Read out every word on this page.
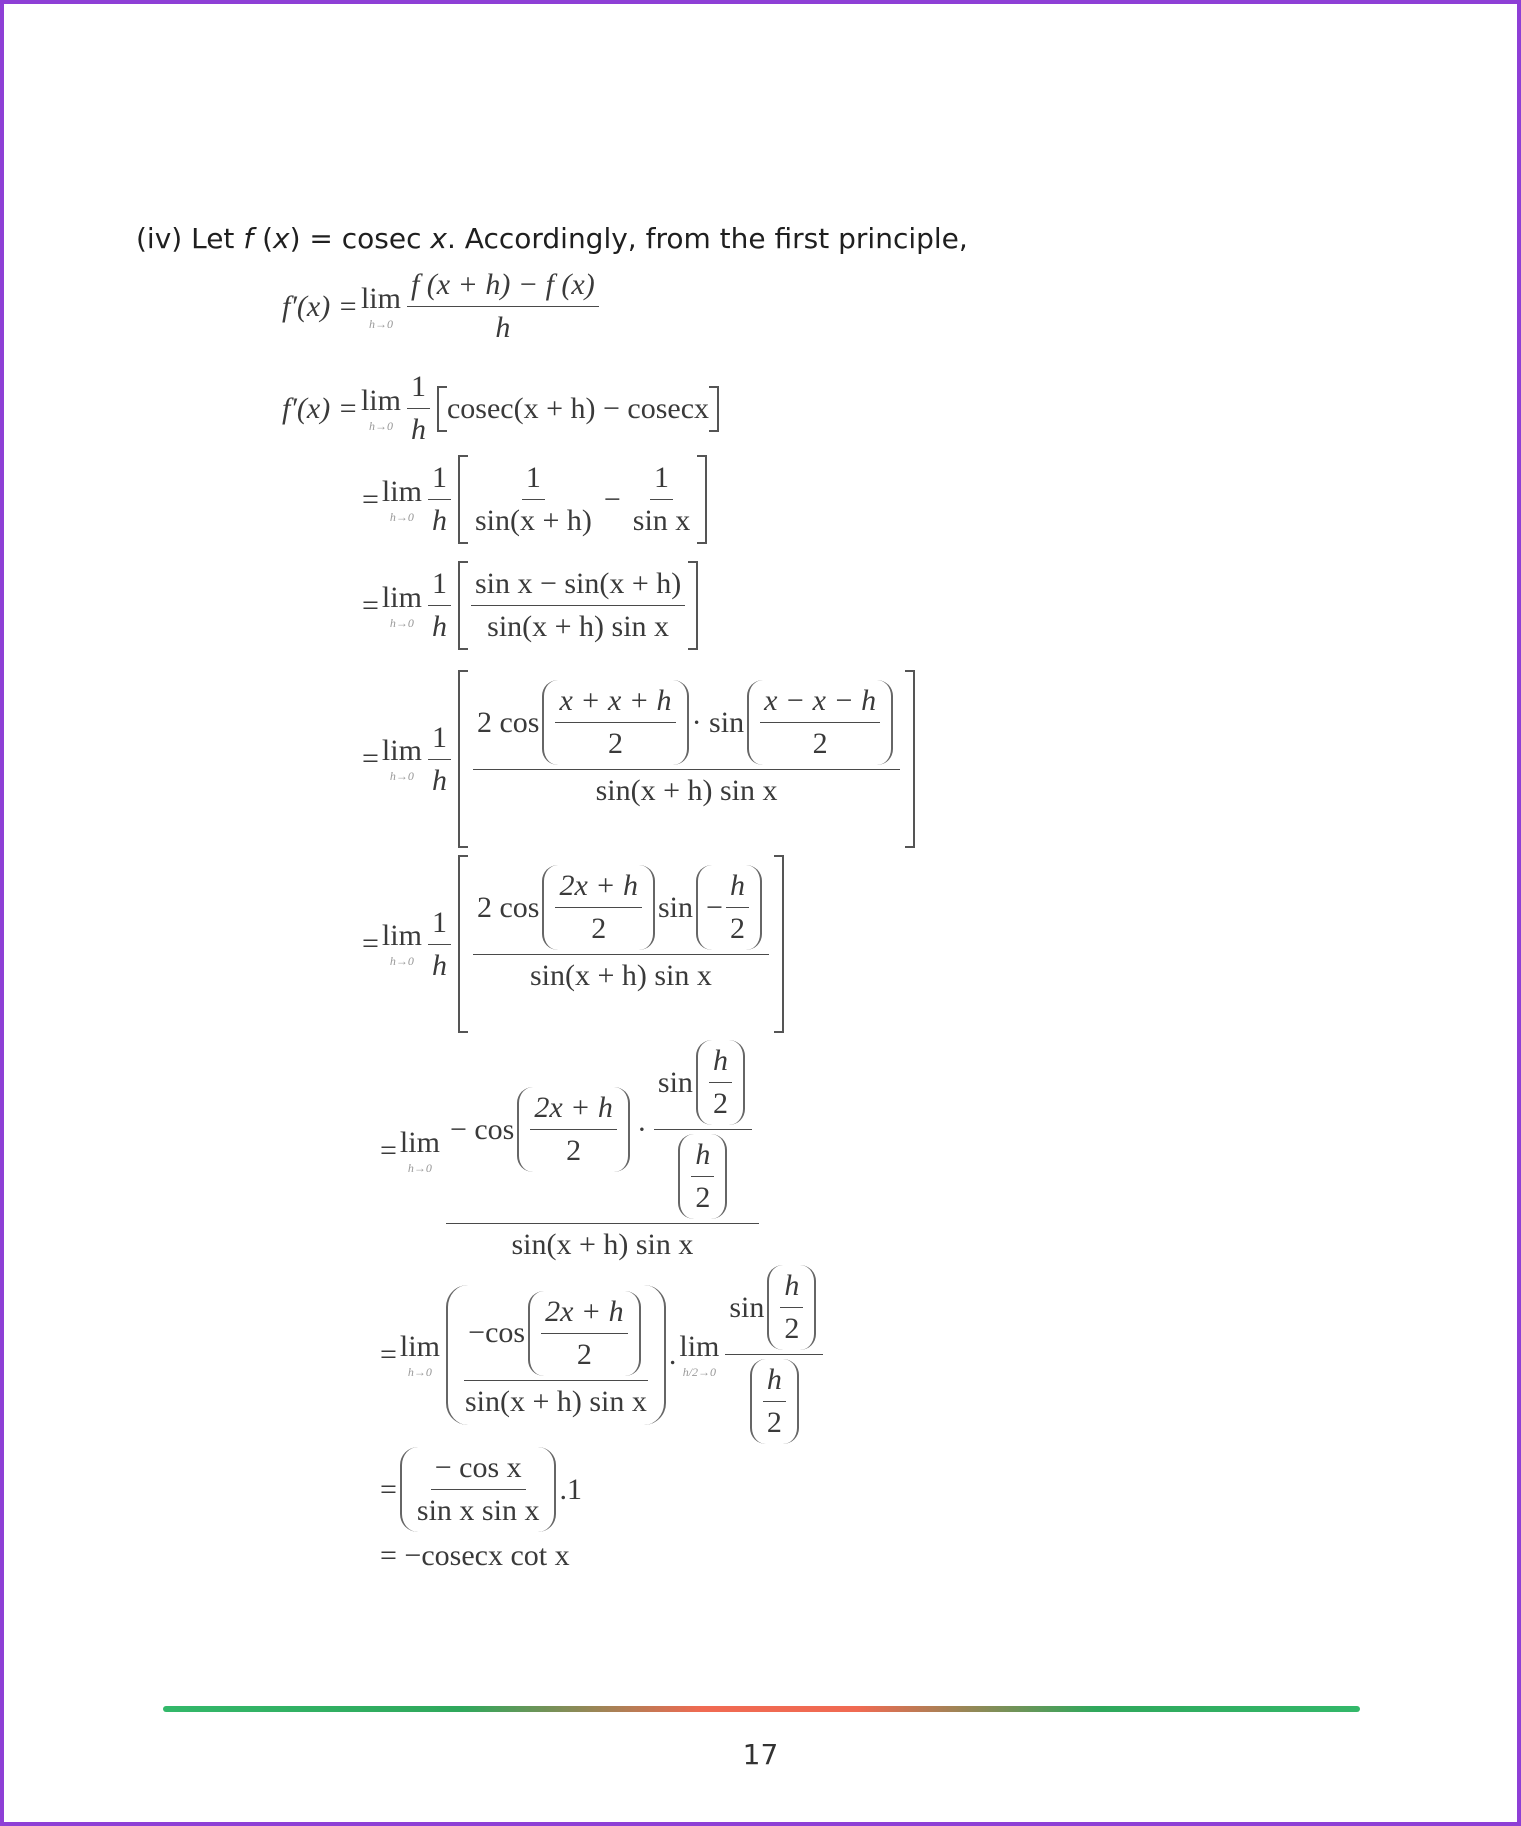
(iv) Let f (x) = cosec x. Accordingly, from the first principle,
f′(x) = lim
$h\to 0 \frac{f (x + h) - f (x)}{h}$
f′(x) = lim
$h\to 0 \frac{1}{h} cosec(x + h) - cosecx$
= lim
$h\to 0 \frac{1}{h} \frac{1}{\sin(x + h)} - \frac{1}{\text{sin x}}$
= lim
$h\to 0 \frac{1}{h} \frac{\text{sin x − sin(x + h)}}{\text{sin(x + h) sin x}}$
= lim
$h\to 0 \frac{1}{h} \frac{2 \cos \frac{x + x + h}{2} \cdot \sin \frac{x - x - h}{2}}{\text{sin(x + h) sin x}}$
= lim
$h\to 0 \frac{1}{h} \frac{2 \cos \frac{2x + h}{2} \sin - \frac{h}{2}}{\text{sin(x + h) sin x}}$
= lim
$h\to 0 \frac{- \cos \frac{2x + h}{2} \cdot \frac{\sin \frac{h}{2}}{\frac{h}{2}}}{\text{sin(x + h) sin x}}$
= lim
$h\to 0 \frac{-\cos \frac{2x + h}{2}}{\text{sin(x + h) sin x}}$ . lim
$h/2\to 0 \frac{\sin \frac{h}{2}}{\frac{h}{2}}$
= $\frac{\text{− cos x}}{\text{sin x sin x}} .1$
= −cosecx cot x
17
